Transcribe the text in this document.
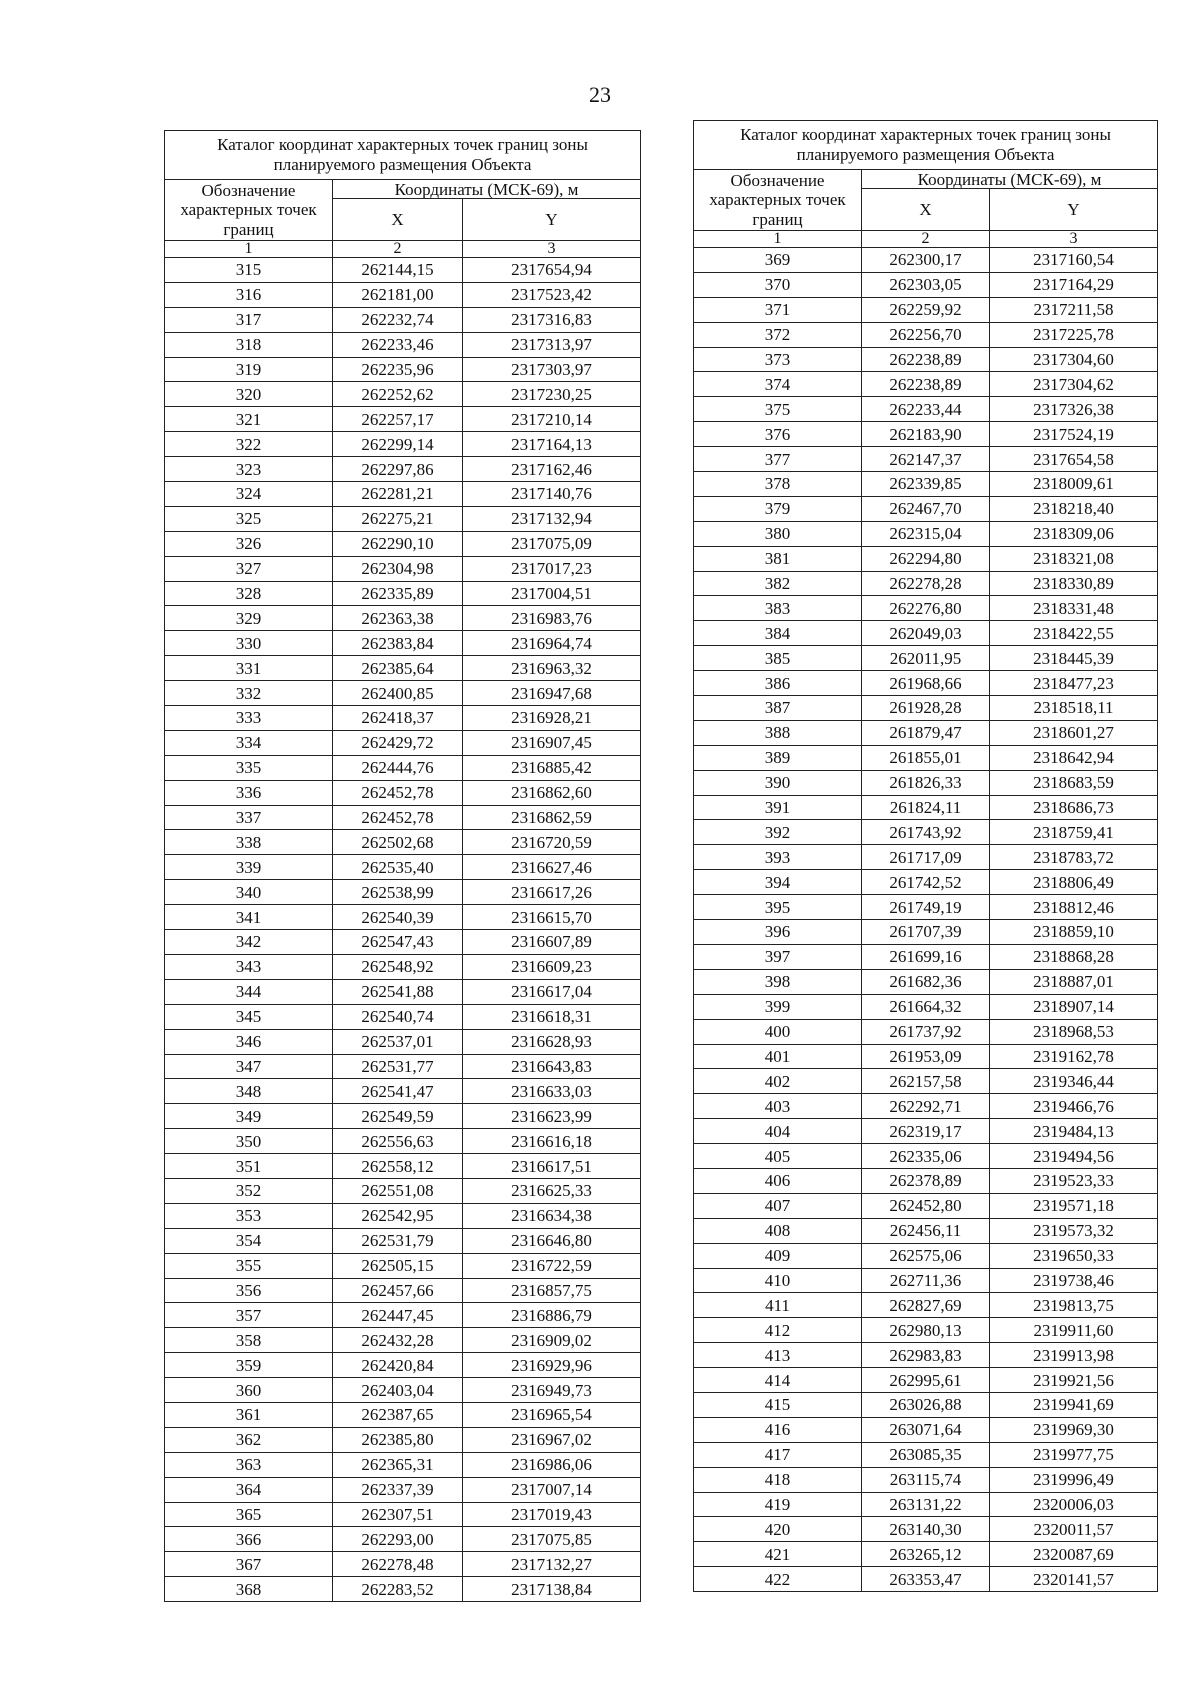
23
Каталог координат характерных точек границ зоны планируемого размещения Объекта		
Обозначение характерных точек границ	Координаты (МСК-69), м	
	X	Y
1	2	3
315	262144,15	2317654,94
316	262181,00	2317523,42
317	262232,74	2317316,83
318	262233,46	2317313,97
319	262235,96	2317303,97
320	262252,62	2317230,25
321	262257,17	2317210,14
322	262299,14	2317164,13
323	262297,86	2317162,46
324	262281,21	2317140,76
325	262275,21	2317132,94
326	262290,10	2317075,09
327	262304,98	2317017,23
328	262335,89	2317004,51
329	262363,38	2316983,76
330	262383,84	2316964,74
331	262385,64	2316963,32
332	262400,85	2316947,68
333	262418,37	2316928,21
334	262429,72	2316907,45
335	262444,76	2316885,42
336	262452,78	2316862,60
337	262452,78	2316862,59
338	262502,68	2316720,59
339	262535,40	2316627,46
340	262538,99	2316617,26
341	262540,39	2316615,70
342	262547,43	2316607,89
343	262548,92	2316609,23
344	262541,88	2316617,04
345	262540,74	2316618,31
346	262537,01	2316628,93
347	262531,77	2316643,83
348	262541,47	2316633,03
349	262549,59	2316623,99
350	262556,63	2316616,18
351	262558,12	2316617,51
352	262551,08	2316625,33
353	262542,95	2316634,38
354	262531,79	2316646,80
355	262505,15	2316722,59
356	262457,66	2316857,75
357	262447,45	2316886,79
358	262432,28	2316909,02
359	262420,84	2316929,96
360	262403,04	2316949,73
361	262387,65	2316965,54
362	262385,80	2316967,02
363	262365,31	2316986,06
364	262337,39	2317007,14
365	262307,51	2317019,43
366	262293,00	2317075,85
367	262278,48	2317132,27
368	262283,52	2317138,84
Каталог координат характерных точек границ зоны планируемого размещения Объекта		
Обозначение характерных точек границ	Координаты (МСК-69), м	
	X	Y
1	2	3
369	262300,17	2317160,54
370	262303,05	2317164,29
371	262259,92	2317211,58
372	262256,70	2317225,78
373	262238,89	2317304,60
374	262238,89	2317304,62
375	262233,44	2317326,38
376	262183,90	2317524,19
377	262147,37	2317654,58
378	262339,85	2318009,61
379	262467,70	2318218,40
380	262315,04	2318309,06
381	262294,80	2318321,08
382	262278,28	2318330,89
383	262276,80	2318331,48
384	262049,03	2318422,55
385	262011,95	2318445,39
386	261968,66	2318477,23
387	261928,28	2318518,11
388	261879,47	2318601,27
389	261855,01	2318642,94
390	261826,33	2318683,59
391	261824,11	2318686,73
392	261743,92	2318759,41
393	261717,09	2318783,72
394	261742,52	2318806,49
395	261749,19	2318812,46
396	261707,39	2318859,10
397	261699,16	2318868,28
398	261682,36	2318887,01
399	261664,32	2318907,14
400	261737,92	2318968,53
401	261953,09	2319162,78
402	262157,58	2319346,44
403	262292,71	2319466,76
404	262319,17	2319484,13
405	262335,06	2319494,56
406	262378,89	2319523,33
407	262452,80	2319571,18
408	262456,11	2319573,32
409	262575,06	2319650,33
410	262711,36	2319738,46
411	262827,69	2319813,75
412	262980,13	2319911,60
413	262983,83	2319913,98
414	262995,61	2319921,56
415	263026,88	2319941,69
416	263071,64	2319969,30
417	263085,35	2319977,75
418	263115,74	2319996,49
419	263131,22	2320006,03
420	263140,30	2320011,57
421	263265,12	2320087,69
422	263353,47	2320141,57
